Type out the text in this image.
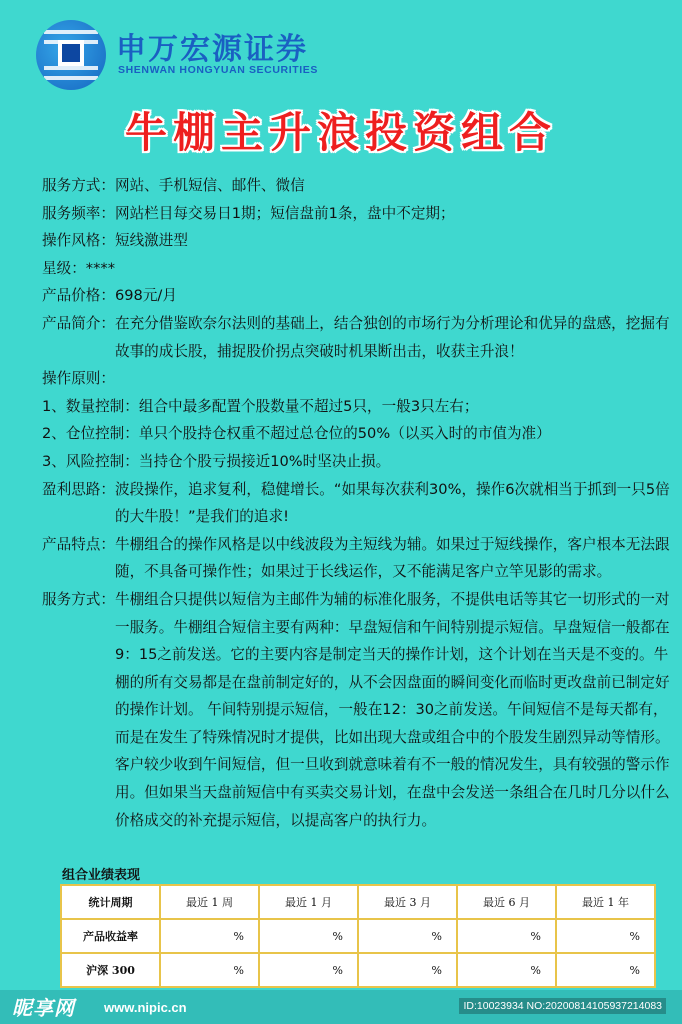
申万宏源证券
SHENWAN HONGYUAN SECURITIES
牛棚主升浪投资组合
服务方式： 网站、手机短信、邮件、微信
服务频率： 网站栏目每交易日1期；短信盘前1条，盘中不定期；
操作风格： 短线激进型
星级： ****
产品价格： 698元/月
产品简介： 在充分借鉴欧奈尔法则的基础上，结合独创的市场行为分析理论和优异的盘感，挖掘有故事的成长股，捕捉股价拐点突破时机果断出击，收获主升浪！
操作原则：
1、数量控制：组合中最多配置个股数量不超过5只，一般3只左右；
2、仓位控制：单只个股持仓权重不超过总仓位的50%（以买入时的市值为准）
3、风险控制：当持仓个股亏损接近10%时坚决止损。
盈利思路： 波段操作，追求复利，稳健增长。“如果每次获利30%，操作6次就相当于抓到一只5倍的大牛股！”是我们的追求!
产品特点： 牛棚组合的操作风格是以中线波段为主短线为辅。如果过于短线操作，客户根本无法跟随，不具备可操作性；如果过于长线运作，又不能满足客户立竿见影的需求。
服务方式： 牛棚组合只提供以短信为主邮件为辅的标准化服务，不提供电话等其它一切形式的一对一服务。牛棚组合短信主要有两种：早盘短信和午间特别提示短信。早盘短信一般都在9：15之前发送。它的主要内容是制定当天的操作计划，这个计划在当天是不变的。牛棚的所有交易都是在盘前制定好的，从不会因盘面的瞬间变化而临时更改盘前已制定好的操作计划。 午间特别提示短信，一般在12：30之前发送。午间短信不是每天都有，而是在发生了特殊情况时才提供，比如出现大盘或组合中的个股发生剧烈异动等情形。客户较少收到午间短信，但一旦收到就意味着有不一般的情况发生，具有较强的警示作用。但如果当天盘前短信中有买卖交易计划，在盘中会发送一条组合在几时几分以什么价格成交的补充提示短信，以提高客户的执行力。
组合业绩表现
统计周期	最近 1 周	最近 1 月	最近 3 月	最近 6 月	最近 1 年
产品收益率	%	%	%	%	%
沪深 300	%	%	%	%	%
昵享网 www.nipic.cn	ID:10023934 NO:20200814105937214083
